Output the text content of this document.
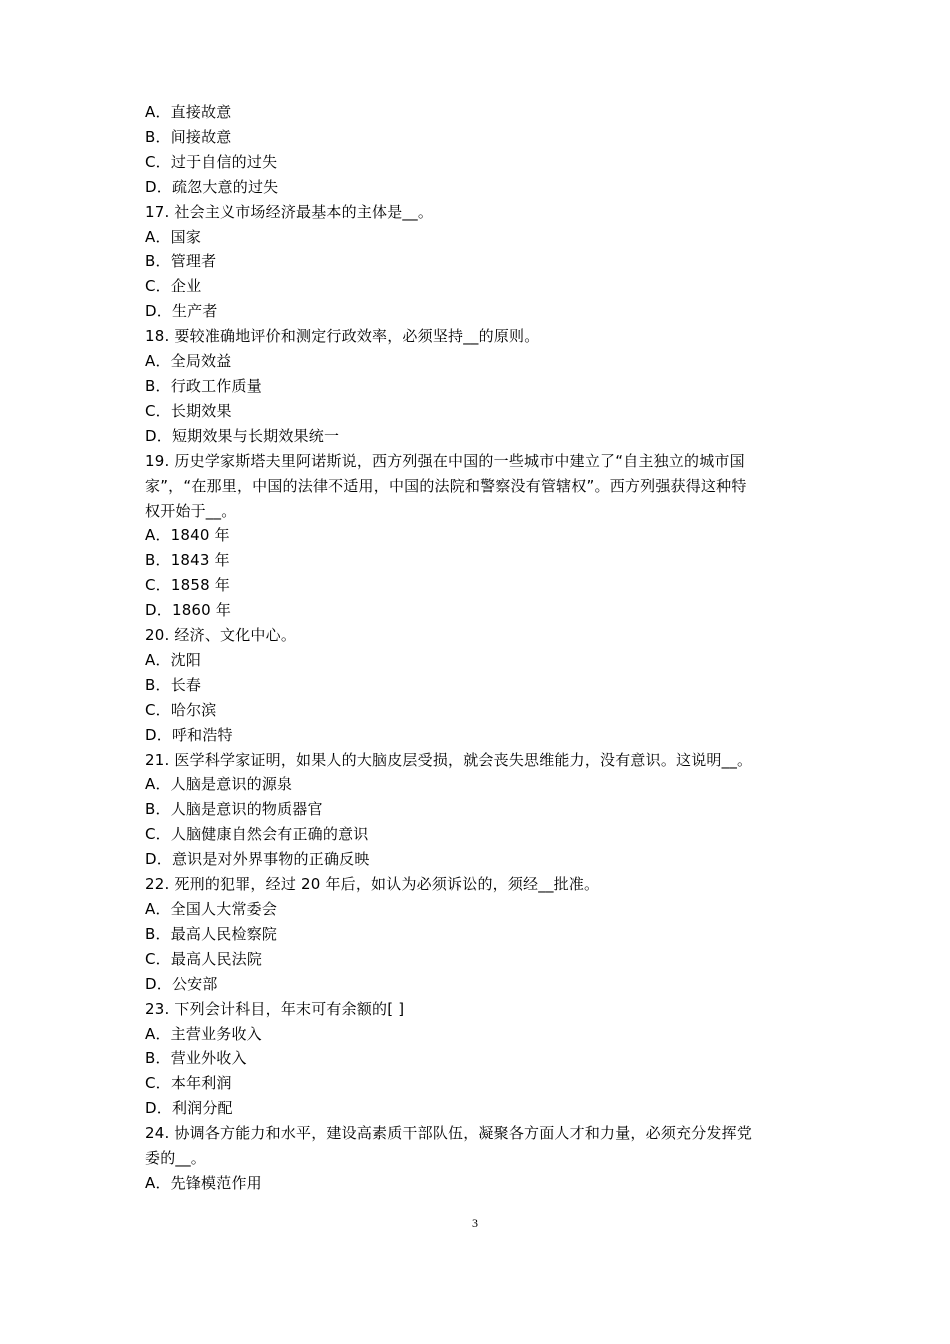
A．直接故意
B．间接故意
C．过于自信的过失
D．疏忽大意的过失
17. 社会主义市场经济最基本的主体是__。
A．国家
B．管理者
C．企业
D．生产者
18. 要较准确地评价和测定行政效率，必须坚持__的原则。
A．全局效益
B．行政工作质量
C．长期效果
D．短期效果与长期效果统一
19. 历史学家斯塔夫里阿诺斯说，西方列强在中国的一些城市中建立了“自主独立的城市国
家”，“在那里，中国的法律不适用，中国的法院和警察没有管辖权”。西方列强获得这种特
权开始于__。
A．1840 年
B．1843 年
C．1858 年
D．1860 年
20. 经济、文化中心。
A．沈阳
B．长春
C．哈尔滨
D．呼和浩特
21. 医学科学家证明，如果人的大脑皮层受损，就会丧失思维能力，没有意识。这说明__。
A．人脑是意识的源泉
B．人脑是意识的物质器官
C．人脑健康自然会有正确的意识
D．意识是对外界事物的正确反映
22. 死刑的犯罪，经过 20 年后，如认为必须诉讼的，须经__批准。
A．全国人大常委会
B．最高人民检察院
C．最高人民法院
D．公安部
23. 下列会计科目，年末可有余额的[ ]
A．主营业务收入
B．营业外收入
C．本年利润
D．利润分配
24. 协调各方能力和水平，建设高素质干部队伍，凝聚各方面人才和力量，必须充分发挥党
委的__。
A．先锋模范作用
3
